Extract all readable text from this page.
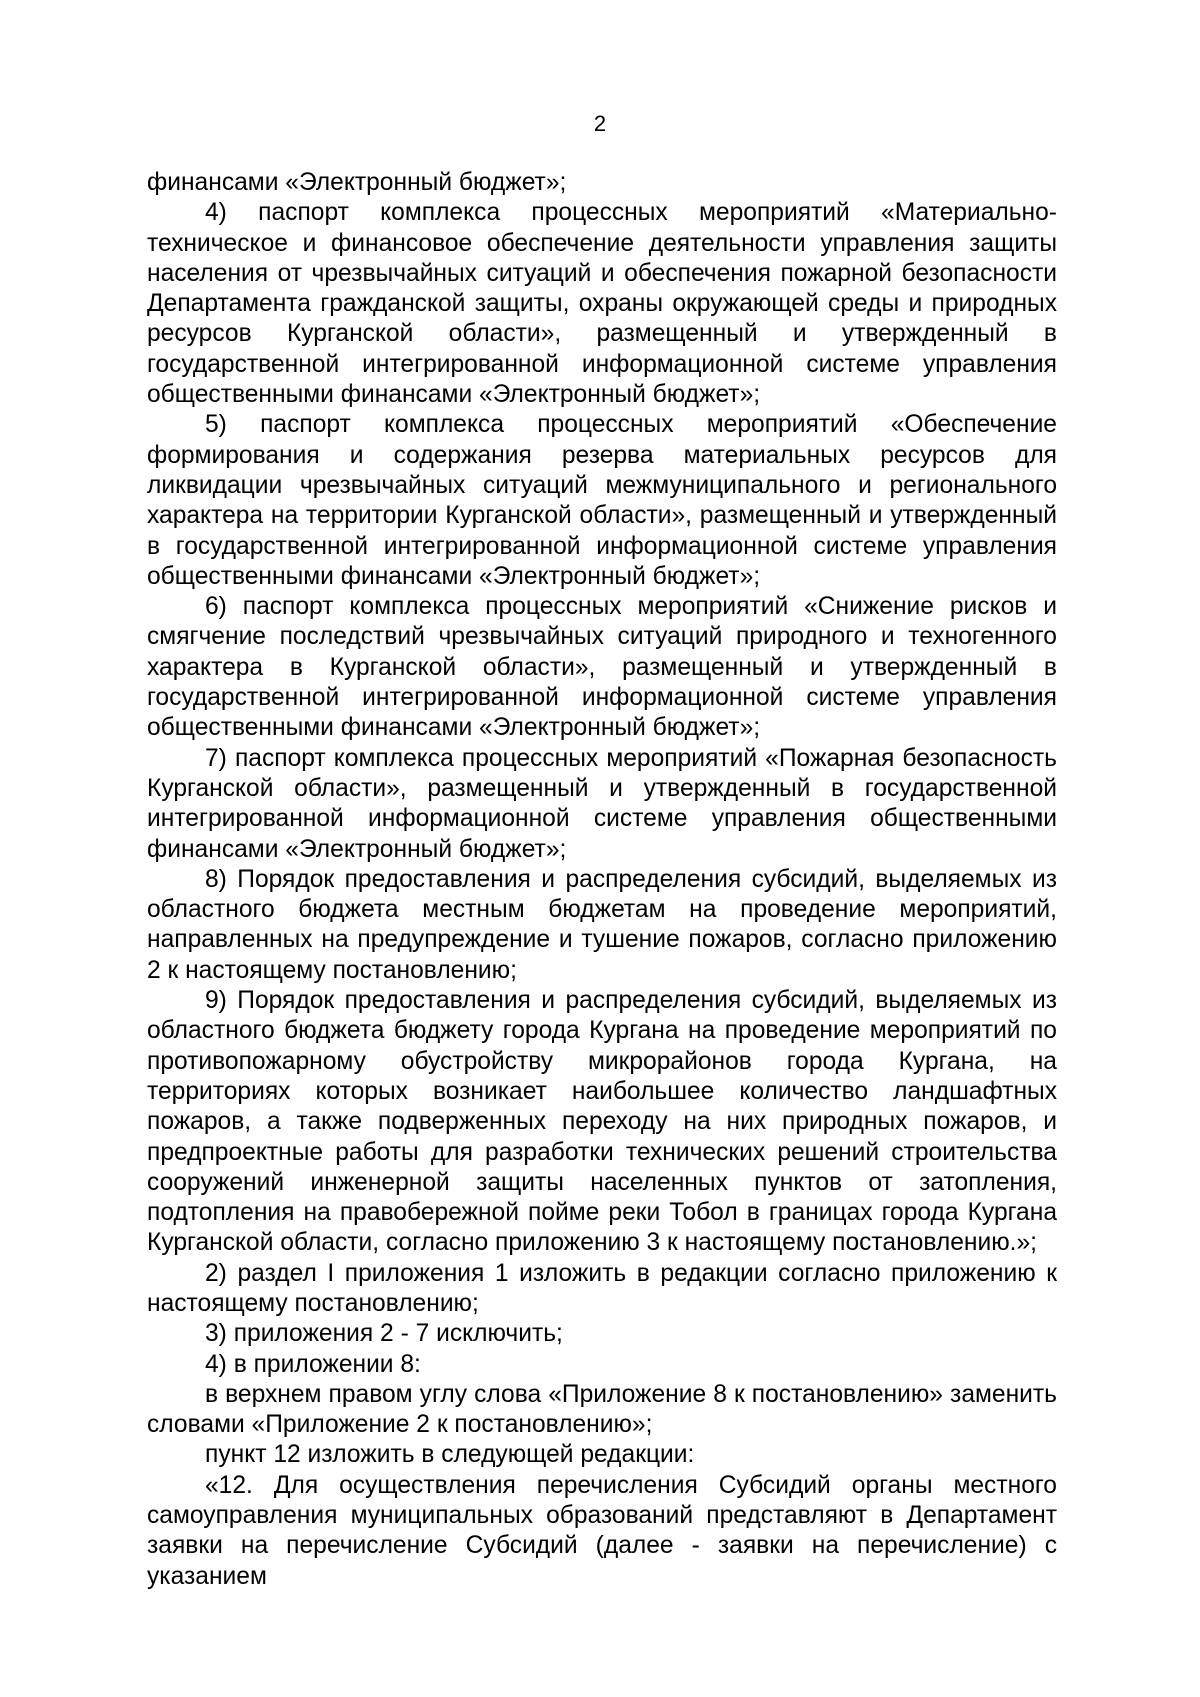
2

финансами «Электронный бюджет»;

4) паспорт комплекса процессных мероприятий «Материально-техническое и финансовое обеспечение деятельности управления защиты населения от чрезвычайных ситуаций и обеспечения пожарной безопасности Департамента гражданской защиты, охраны окружающей среды и природных ресурсов Курганской области», размещенный и утвержденный в государственной интегрированной информационной системе управления общественными финансами «Электронный бюджет»;

5) паспорт комплекса процессных мероприятий «Обеспечение формирования и содержания резерва материальных ресурсов для ликвидации чрезвычайных ситуаций межмуниципального и регионального характера на территории Курганской области», размещенный и утвержденный в государственной интегрированной информационной системе управления общественными финансами «Электронный бюджет»;

6) паспорт комплекса процессных мероприятий «Снижение рисков и смягчение последствий чрезвычайных ситуаций природного и техногенного характера в Курганской области», размещенный и утвержденный в государственной интегрированной информационной системе управления общественными финансами «Электронный бюджет»;

7) паспорт комплекса процессных мероприятий «Пожарная безопасность Курганской области», размещенный и утвержденный в государственной интегрированной информационной системе управления общественными финансами «Электронный бюджет»;

8) Порядок предоставления и распределения субсидий, выделяемых из областного бюджета местным бюджетам на проведение мероприятий, направленных на предупреждение и тушение пожаров, согласно приложению 2 к настоящему постановлению;

9) Порядок предоставления и распределения субсидий, выделяемых из областного бюджета бюджету города Кургана на проведение мероприятий по противопожарному обустройству микрорайонов города Кургана, на территориях которых возникает наибольшее количество ландшафтных пожаров, а также подверженных переходу на них природных пожаров, и предпроектные работы для разработки технических решений строительства сооружений инженерной защиты населенных пунктов от затопления, подтопления на правобережной пойме реки Тобол в границах города Кургана Курганской области, согласно приложению 3 к настоящему постановлению.»;

2) раздел I приложения 1 изложить в редакции согласно приложению к настоящему постановлению;

3) приложения 2 - 7 исключить;

4) в приложении 8:

в верхнем правом углу слова «Приложение 8 к постановлению» заменить словами «Приложение 2 к постановлению»;

пункт 12 изложить в следующей редакции:

«12. Для осуществления перечисления Субсидий органы местного самоуправления муниципальных образований представляют в Департамент заявки на перечисление Субсидий (далее - заявки на перечисление) с указанием
